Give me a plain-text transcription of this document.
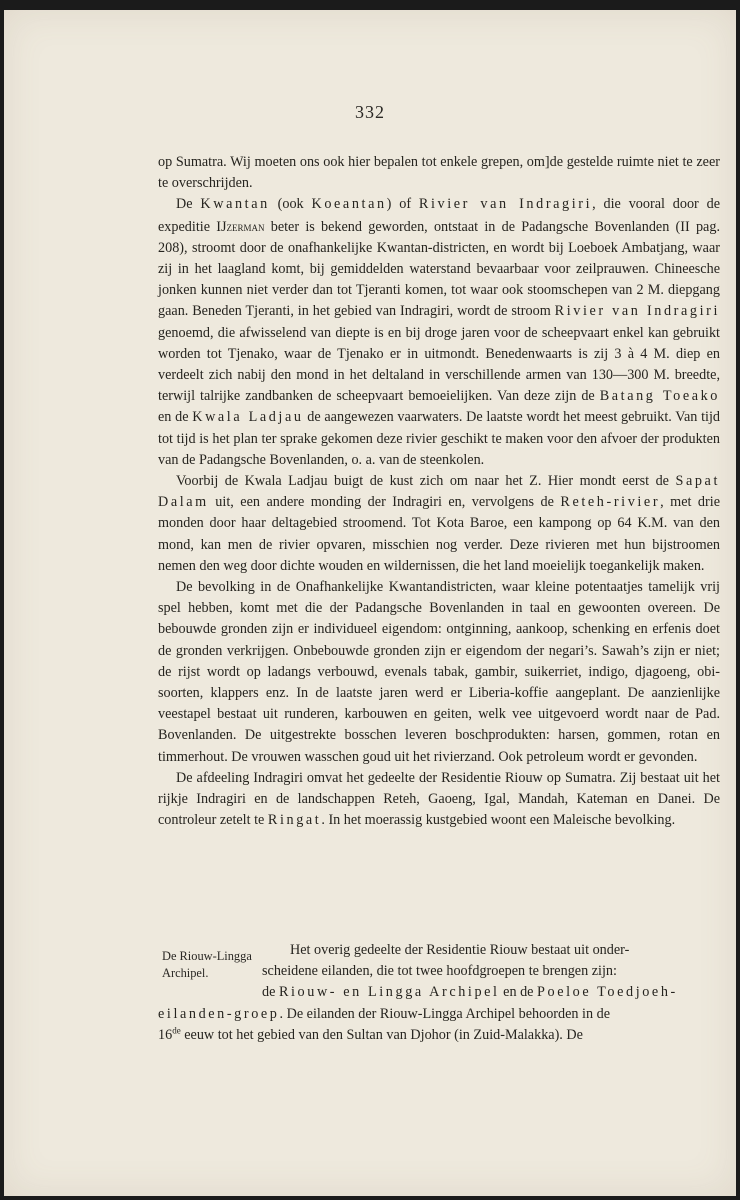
332

op Sumatra. Wij moeten ons ook hier bepalen tot enkele grepen, om]de gestelde ruimte niet te zeer te overschrijden.

De Kwantan (ook Koeantan) of Rivier van Indragiri, die vooral door de expeditie IJzerman beter is bekend geworden, ontstaat in de Padangsche Bovenlanden (II pag. 208), stroomt door de onafhankelijke Kwantan-districten, en wordt bij Loeboek Ambatjang, waar zij in het laagland komt, bij gemiddelden waterstand bevaarbaar voor zeilprauwen. Chineesche jonken kunnen niet verder dan tot Tjeranti komen, tot waar ook stoomschepen van 2 M. diepgang gaan. Beneden Tjeranti, in het gebied van Indragiri, wordt de stroom Rivier van Indragiri genoemd, die afwisselend van diepte is en bij droge jaren voor de scheepvaart enkel kan gebruikt worden tot Tjenako, waar de Tjenako er in uitmondt. Benedenwaarts is zij 3 à 4 M. diep en verdeelt zich nabij den mond in het deltaland in verschillende armen van 130—300 M. breedte, terwijl talrijke zandbanken de scheepvaart bemoeielijken. Van deze zijn de Batang Toeako en de Kwala Ladjau de aangewezen vaarwaters. De laatste wordt het meest gebruikt. Van tijd tot tijd is het plan ter sprake gekomen deze rivier geschikt te maken voor den afvoer der produkten van de Padangsche Bovenlanden, o. a. van de steenkolen.

Voorbij de Kwala Ladjau buigt de kust zich om naar het Z. Hier mondt eerst de Sapat Dalam uit, een andere monding der Indragiri en, vervolgens de Reteh-rivier, met drie monden door haar deltagebied stroomend. Tot Kota Baroe, een kampong op 64 K.M. van den mond, kan men de rivier opvaren, misschien nog verder. Deze rivieren met hun bijstroomen nemen den weg door dichte wouden en wildernissen, die het land moeielijk toegankelijk maken.

De bevolking in de Onafhankelijke Kwantandistricten, waar kleine potentaatjes tamelijk vrij spel hebben, komt met die der Padangsche Bovenlanden in taal en gewoonten overeen. De bebouwde gronden zijn er individueel eigendom: ontginning, aankoop, schenking en erfenis doet de gronden verkrijgen. Onbebouwde gronden zijn er eigendom der negari’s. Sawah’s zijn er niet; de rijst wordt op ladangs verbouwd, evenals tabak, gambir, suikerriet, indigo, djagoeng, obi-soorten, klappers enz. In de laatste jaren werd er Liberia-koffie aangeplant. De aanzienlijke veestapel bestaat uit runderen, karbouwen en geiten, welk vee uitgevoerd wordt naar de Pad. Bovenlanden. De uitgestrekte bosschen leveren boschprodukten: harsen, gommen, rotan en timmerhout. De vrouwen wasschen goud uit het rivierzand. Ook petroleum wordt er gevonden.

De afdeeling Indragiri omvat het gedeelte der Residentie Riouw op Sumatra. Zij bestaat uit het rijkje Indragiri en de landschappen Reteh, Gaoeng, Igal, Mandah, Kateman en Danei. De controleur zetelt te Ringat. In het moerassig kustgebied woont een Maleische bevolking.

De Riouw-Lingga Archipel.
Het overig gedeelte der Residentie Riouw bestaat uit onder-
scheidene eilanden, die tot twee hoofdgroepen te brengen zijn:
de Riouw- en Lingga Archipel en de Poeloe Toedjoeh-
eilanden-groep. De eilanden der Riouw-Lingga Archipel behoorden in de
16de eeuw tot het gebied van den Sultan van Djohor (in Zuid-Malakka). De
